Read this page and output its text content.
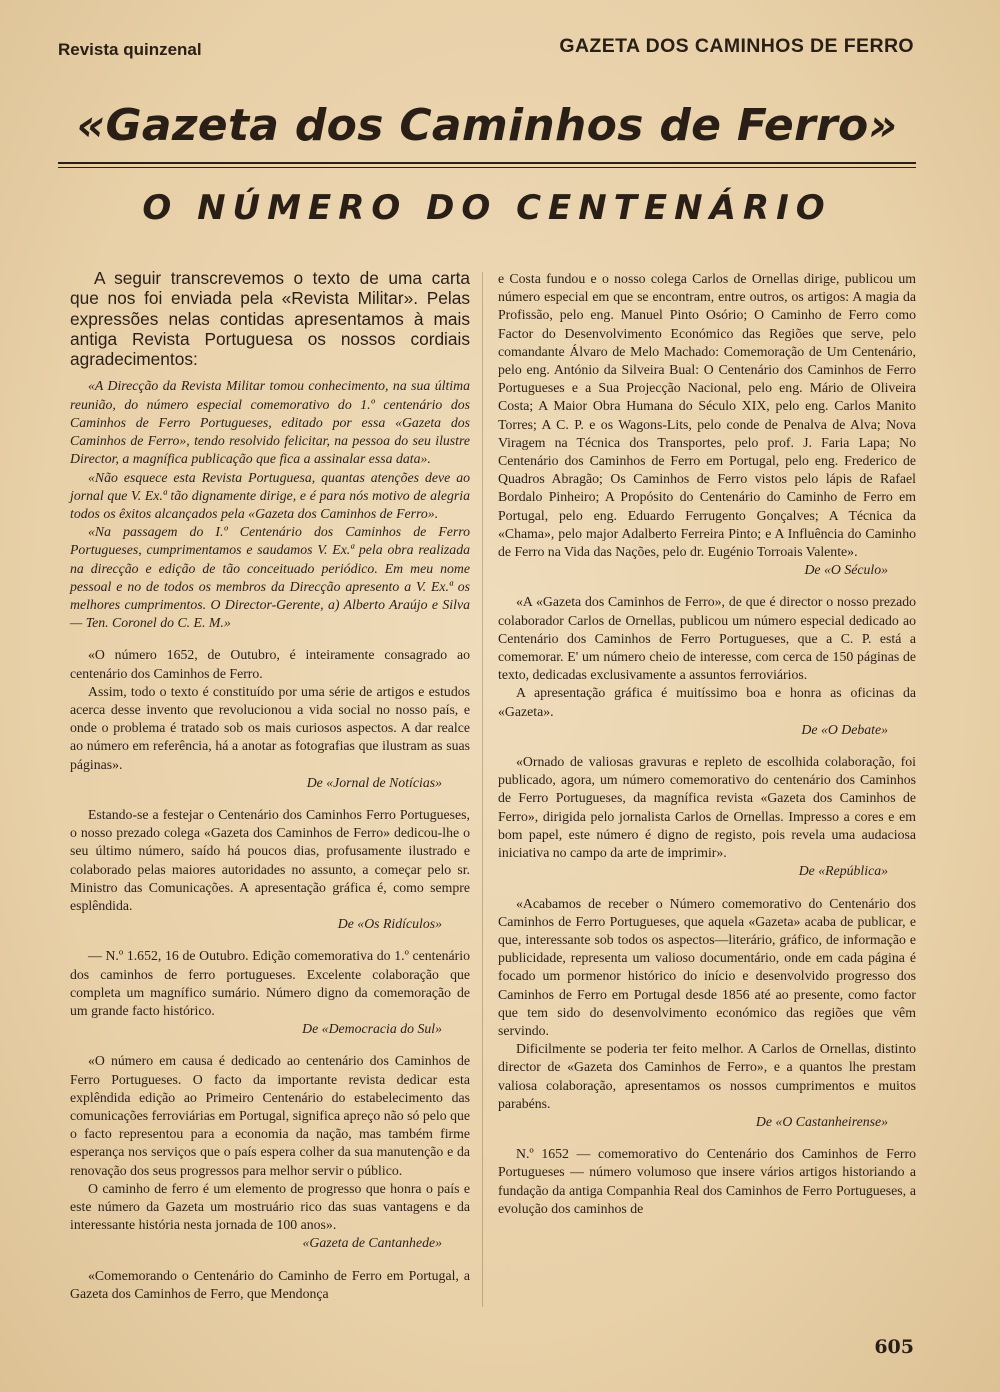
Revista quinzenal	GAZETA DOS CAMINHOS DE FERRO
«Gazeta dos Caminhos de Ferro»
O NÚMERO DO CENTENÁRIO

A seguir transcrevemos o texto de uma carta que nos foi enviada pela «Revista Militar». Pelas expressões nelas contidas apresentamos à mais antiga Revista Portuguesa os nossos cordiais agradecimentos:

«A Direcção da Revista Militar tomou conhecimento, na sua última reunião, do número especial comemorativo do 1.º centenário dos Caminhos de Ferro Portugueses, editado por essa «Gazeta dos Caminhos de Ferro», tendo resolvido felicitar, na pessoa do seu ilustre Director, a magnífica publicação que fica a assinalar essa data».

«Não esquece esta Revista Portuguesa, quantas atenções deve ao jornal que V. Ex.ª tão dignamente dirige, e é para nós motivo de alegria todos os êxitos alcançados pela «Gazeta dos Caminhos de Ferro».

«Na passagem do I.º Centenário dos Caminhos de Ferro Portugueses, cumprimentamos e saudamos V. Ex.ª pela obra realizada na direcção e edição de tão conceituado periódico. Em meu nome pessoal e no de todos os membros da Direcção apresento a V. Ex.ª os melhores cumprimentos. O Director-Gerente, a) Alberto Araújo e Silva — Ten. Coronel do C. E. M.»

«O número 1652, de Outubro, é inteiramente consagrado ao centenário dos Caminhos de Ferro.

Assim, todo o texto é constituído por uma série de artigos e estudos acerca desse invento que revolucionou a vida social no nosso país, e onde o problema é tratado sob os mais curiosos aspectos. A dar realce ao número em referência, há a anotar as fotografias que ilustram as suas páginas».

De «Jornal de Notícias»

Estando-se a festejar o Centenário dos Caminhos Ferro Portugueses, o nosso prezado colega «Gazeta dos Caminhos de Ferro» dedicou-lhe o seu último número, saído há poucos dias, profusamente ilustrado e colaborado pelas maiores autoridades no assunto, a começar pelo sr. Ministro das Comunicações. A apresentação gráfica é, como sempre esplêndida.

De «Os Ridículos»

— N.º 1.652, 16 de Outubro. Edição comemorativa do 1.º centenário dos caminhos de ferro portugueses. Excelente colaboração que completa um magnífico sumário. Número digno da comemoração de um grande facto histórico.

De «Democracia do Sul»

«O número em causa é dedicado ao centenário dos Caminhos de Ferro Portugueses. O facto da importante revista dedicar esta explêndida edição ao Primeiro Centenário do estabelecimento das comunicações ferroviárias em Portugal, significa apreço não só pelo que o facto representou para a economia da nação, mas também firme esperança nos serviços que o país espera colher da sua manutenção e da renovação dos seus progressos para melhor servir o público.

O caminho de ferro é um elemento de progresso que honra o país e este número da Gazeta um mostruário rico das suas vantagens e da interessante história nesta jornada de 100 anos».

«Gazeta de Cantanhede»

«Comemorando o Centenário do Caminho de Ferro em Portugal, a Gazeta dos Caminhos de Ferro, que Mendonça

e Costa fundou e o nosso colega Carlos de Ornellas dirige, publicou um número especial em que se encontram, entre outros, os artigos: A magia da Profissão, pelo eng. Manuel Pinto Osório; O Caminho de Ferro como Factor do Desenvolvimento Económico das Regiões que serve, pelo comandante Álvaro de Melo Machado: Comemoração de Um Centenário, pelo eng. António da Silveira Bual: O Centenário dos Caminhos de Ferro Portugueses e a Sua Projecção Nacional, pelo eng. Mário de Oliveira Costa; A Maior Obra Humana do Século XIX, pelo eng. Carlos Manito Torres; A C. P. e os Wagons-Lits, pelo conde de Penalva de Alva; Nova Viragem na Técnica dos Transportes, pelo prof. J. Faria Lapa; No Centenário dos Caminhos de Ferro em Portugal, pelo eng. Frederico de Quadros Abragão; Os Caminhos de Ferro vistos pelo lápis de Rafael Bordalo Pinheiro; A Propósito do Centenário do Caminho de Ferro em Portugal, pelo eng. Eduardo Ferrugento Gonçalves; A Técnica da «Chama», pelo major Adalberto Ferreira Pinto; e A Influência do Caminho de Ferro na Vida das Nações, pelo dr. Eugénio Torroais Valente».

De «O Século»

«A «Gazeta dos Caminhos de Ferro», de que é director o nosso prezado colaborador Carlos de Ornellas, publicou um número especial dedicado ao Centenário dos Caminhos de Ferro Portugueses, que a C. P. está a comemorar. E' um número cheio de interesse, com cerca de 150 páginas de texto, dedicadas exclusivamente a assuntos ferroviários.

A apresentação gráfica é muitíssimo boa e honra as oficinas da «Gazeta».

De «O Debate»

«Ornado de valiosas gravuras e repleto de escolhida colaboração, foi publicado, agora, um número comemorativo do centenário dos Caminhos de Ferro Portugueses, da magnífica revista «Gazeta dos Caminhos de Ferro», dirigida pelo jornalista Carlos de Ornellas. Impresso a cores e em bom papel, este número é digno de registo, pois revela uma audaciosa iniciativa no campo da arte de imprimir».

De «República»

«Acabamos de receber o Número comemorativo do Centenário dos Caminhos de Ferro Portugueses, que aquela «Gazeta» acaba de publicar, e que, interessante sob todos os aspectos—literário, gráfico, de informação e publicidade, representa um valioso documentário, onde em cada página é focado um pormenor histórico do início e desenvolvido progresso dos Caminhos de Ferro em Portugal desde 1856 até ao presente, como factor que tem sido do desenvolvimento económico das regiões que vêm servindo.

Dificilmente se poderia ter feito melhor. A Carlos de Ornellas, distinto director de «Gazeta dos Caminhos de Ferro», e a quantos lhe prestam valiosa colaboração, apresentamos os nossos cumprimentos e muitos parabéns.

De «O Castanheirense»

N.º 1652 — comemorativo do Centenário dos Caminhos de Ferro Portugueses — número volumoso que insere vários artigos historiando a fundação da antiga Companhia Real dos Caminhos de Ferro Portugueses, a evolução dos caminhos de

605
